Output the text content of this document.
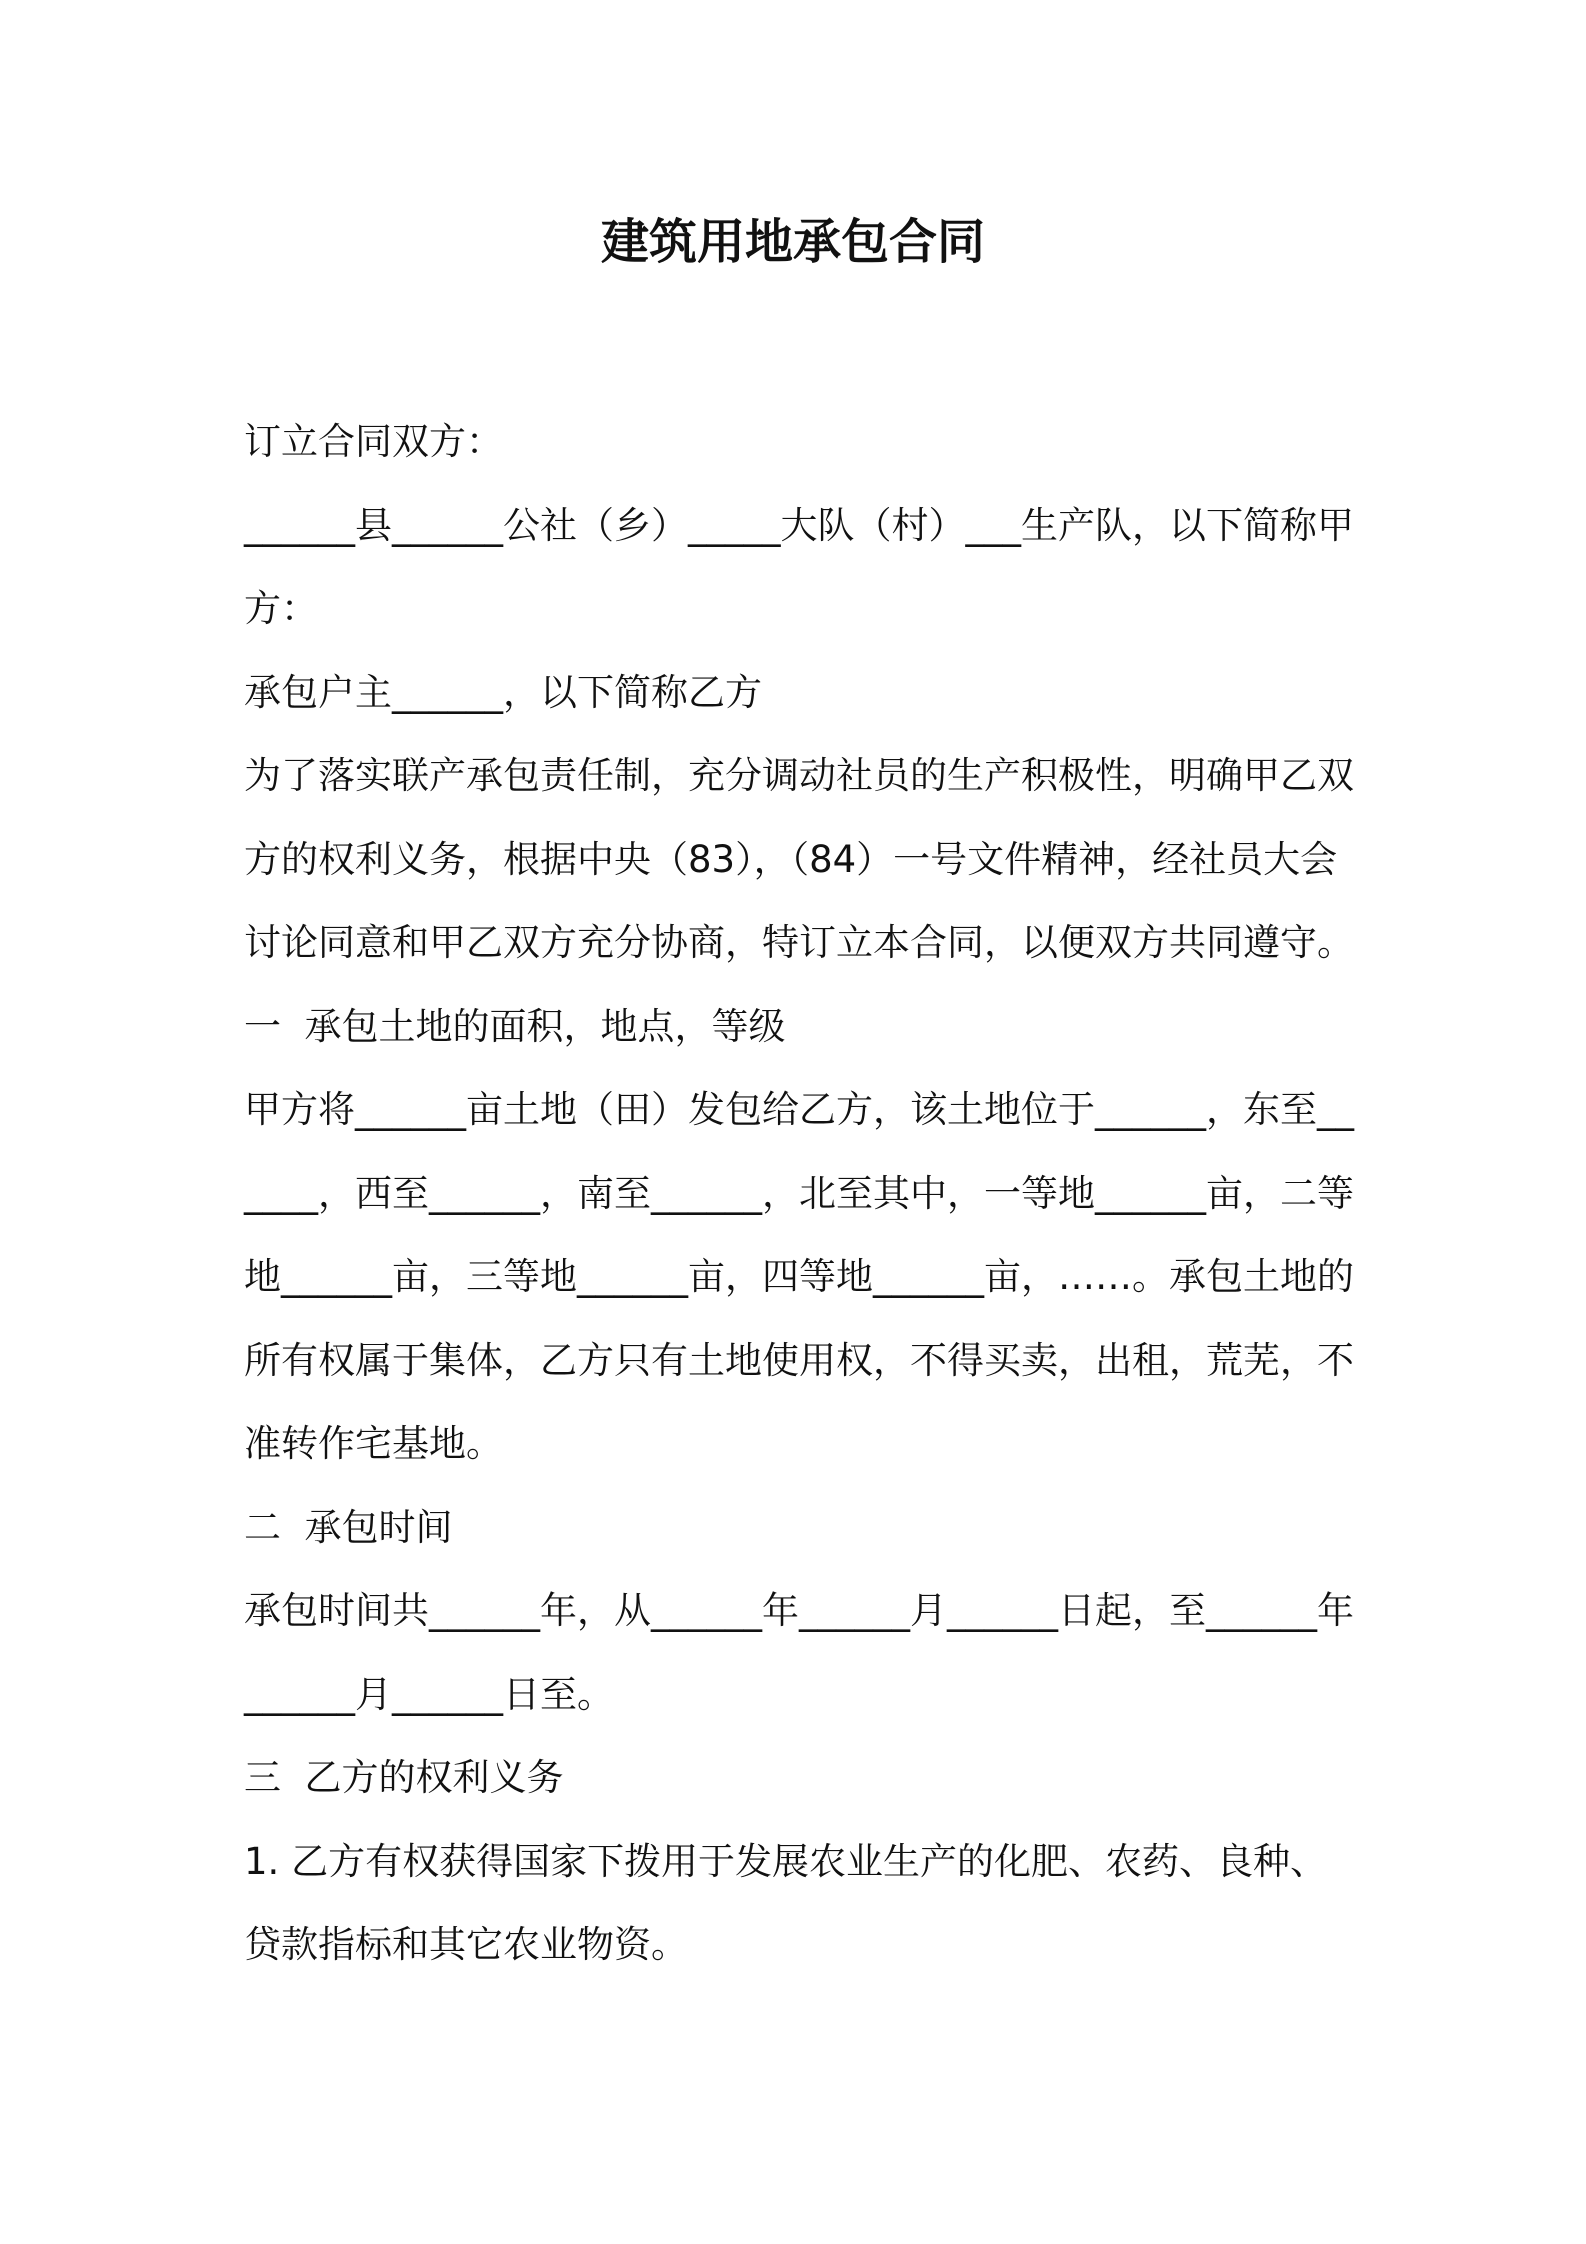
建筑用地承包合同

订立合同双方：

______县______公社（乡）_____大队（村）___生产队，以下简称甲方：

承包户主______，以下简称乙方

为了落实联产承包责任制，充分调动社员的生产积极性，明确甲乙双方的权利义务，根据中央（83），（84）一号文件精神，经社员大会讨论同意和甲乙双方充分协商，特订立本合同，以便双方共同遵守。

一  承包土地的面积，地点，等级

甲方将______亩土地（田）发包给乙方，该土地位于______，东至______，西至______，南至______，北至其中，一等地______亩，二等地______亩，三等地______亩，四等地______亩，……。承包土地的所有权属于集体，乙方只有土地使用权，不得买卖，出租，荒芜，不准转作宅基地。

二  承包时间

承包时间共______年，从______年______月______日起，至______年______月______日至。

三  乙方的权利义务

1. 乙方有权获得国家下拨用于发展农业生产的化肥、农药、良种、贷款指标和其它农业物资。
